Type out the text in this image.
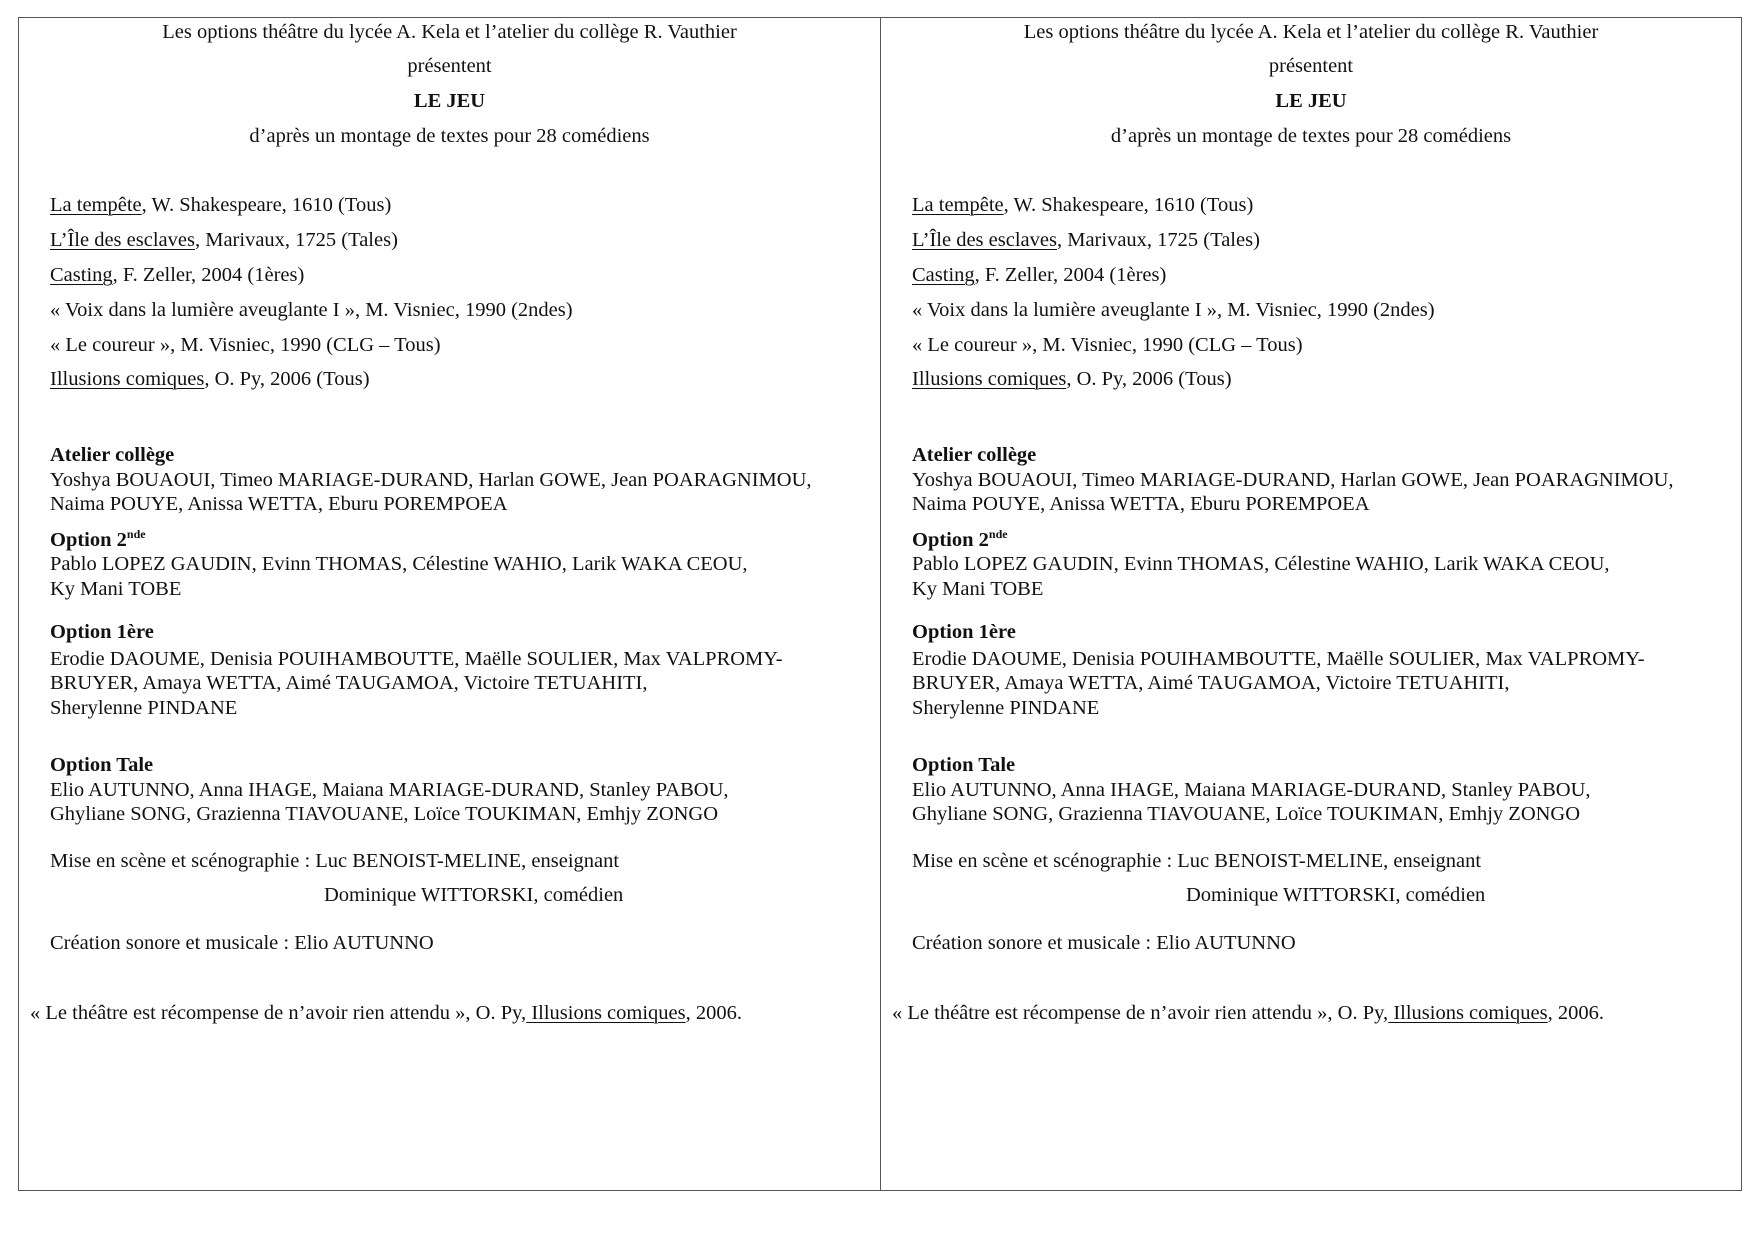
Les options théâtre du lycée A. Kela et l’atelier du collège R. Vauthier

présentent

LE JEU

d’après un montage de textes pour 28 comédiens

La tempête, W. Shakespeare, 1610 (Tous)

L’Île des esclaves, Marivaux, 1725 (Tales)

Casting, F. Zeller, 2004 (1ères)

« Voix dans la lumière aveuglante I », M. Visniec, 1990 (2ndes)

« Le coureur », M. Visniec, 1990 (CLG – Tous)

Illusions comiques, O. Py, 2006 (Tous)

Atelier collège

Yoshya BOUAOUI, Timeo MARIAGE-DURAND, Harlan GOWE, Jean POARAGNIMOU,

Naima POUYE, Anissa WETTA, Eburu POREMPOEA

Option 2nde

Pablo LOPEZ GAUDIN, Evinn THOMAS, Célestine WAHIO, Larik WAKA CEOU,

Ky Mani TOBE

Option 1ère

Erodie DAOUME, Denisia POUIHAMBOUTTE, Maëlle SOULIER, Max VALPROMY-

BRUYER, Amaya WETTA, Aimé TAUGAMOA, Victoire TETUAHITI,

Sherylenne PINDANE

Option Tale

Elio AUTUNNO, Anna IHAGE, Maiana MARIAGE-DURAND, Stanley PABOU,

Ghyliane SONG, Grazienna TIAVOUANE, Loïce TOUKIMAN, Emhjy ZONGO

Mise en scène et scénographie : Luc BENOIST-MELINE, enseignant

Dominique WITTORSKI, comédien

Création sonore et musicale : Elio AUTUNNO

« Le théâtre est récompense de n’avoir rien attendu », O. Py, Illusions comiques, 2006.

Les options théâtre du lycée A. Kela et l’atelier du collège R. Vauthier

présentent

LE JEU

d’après un montage de textes pour 28 comédiens

La tempête, W. Shakespeare, 1610 (Tous)

L’Île des esclaves, Marivaux, 1725 (Tales)

Casting, F. Zeller, 2004 (1ères)

« Voix dans la lumière aveuglante I », M. Visniec, 1990 (2ndes)

« Le coureur », M. Visniec, 1990 (CLG – Tous)

Illusions comiques, O. Py, 2006 (Tous)

Atelier collège

Yoshya BOUAOUI, Timeo MARIAGE-DURAND, Harlan GOWE, Jean POARAGNIMOU,

Naima POUYE, Anissa WETTA, Eburu POREMPOEA

Option 2nde

Pablo LOPEZ GAUDIN, Evinn THOMAS, Célestine WAHIO, Larik WAKA CEOU,

Ky Mani TOBE

Option 1ère

Erodie DAOUME, Denisia POUIHAMBOUTTE, Maëlle SOULIER, Max VALPROMY-

BRUYER, Amaya WETTA, Aimé TAUGAMOA, Victoire TETUAHITI,

Sherylenne PINDANE

Option Tale

Elio AUTUNNO, Anna IHAGE, Maiana MARIAGE-DURAND, Stanley PABOU,

Ghyliane SONG, Grazienna TIAVOUANE, Loïce TOUKIMAN, Emhjy ZONGO

Mise en scène et scénographie : Luc BENOIST-MELINE, enseignant

Dominique WITTORSKI, comédien

Création sonore et musicale : Elio AUTUNNO

« Le théâtre est récompense de n’avoir rien attendu », O. Py, Illusions comiques, 2006.
